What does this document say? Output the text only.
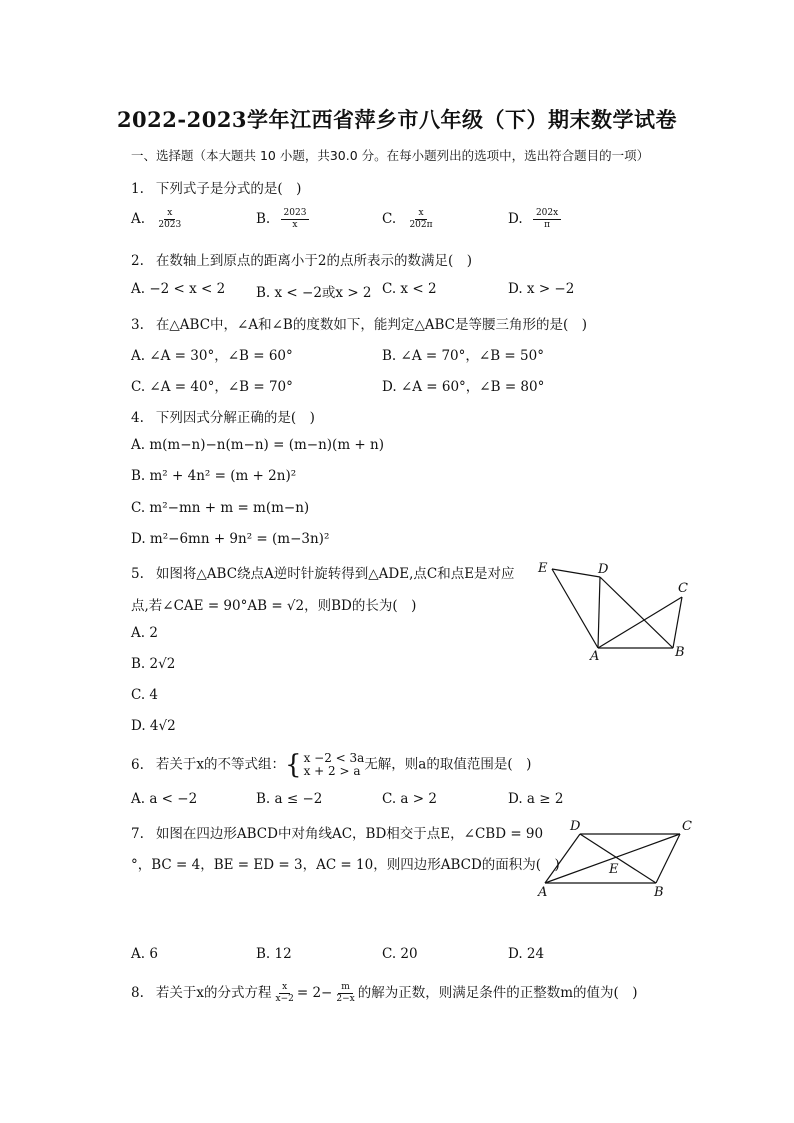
2022-2023学年江西省萍乡市八年级（下）期末数学试卷
一、选择题（本大题共 10 小题，共30.0 分。在每小题列出的选项中，选出符合题目的一项）
1. 下列式子是分式的是(　)
A. $\frac{x}{2023}$	B. $\frac{2023}{x}$	C. $\frac{x}{202\pi}$	D. $\frac{202x}{\pi}$
2. 在数轴上到原点的距离小于2的点所表示的数满足(　)
A. −2 < x < 2 B. x < −2或x > 2 C. x < 2	D. x > −2
3. 在△ABC中，∠A和∠B的度数如下，能判定△ABC是等腰三角形的是(　)
A. ∠A = 30°，∠B = 60°	B. ∠A = 70°，∠B = 50°
C. ∠A = 40°，∠B = 70°	D. ∠A = 60°，∠B = 80°
4. 下列因式分解正确的是(　)
A. m(m−n)−n(m−n) = (m−n)(m + n)
B. m² + 4n² = (m + 2n)²
C. m²−mn + m = m(m−n)
D. m²−6mn + 9n² = (m−3n)²
5. 如图将△ABC绕点A逆时针旋转得到△ADE,点C和点E是对应
点,若∠CAE = 90°AB = √2，则BD的长为(　)
A. 2
B. 2√2
C. 4
D. 4√2
E	D
C
A	B
6. 若关于x的不等式组： { x −2 < 3a
x + 2 > a 无解，则a的取值范围是(　)
A. a < −2	B. a ≤ −2	C. a > 2	D. a ≥ 2
7. 如图在四边形ABCD中对角线AC，BD相交于点E，∠CBD = 90
°，BC = 4，BE = ED = 3，AC = 10，则四边形ABCD的面积为(　)
D	C
E
A	B
A. 6	B. 12	C. 20	D. 24
8. 若关于x的分式方程 $\frac{x}{x-2} = 2- \frac{m}{2-x}$ 的解为正数，则满足条件的正整数m的值为(　)
